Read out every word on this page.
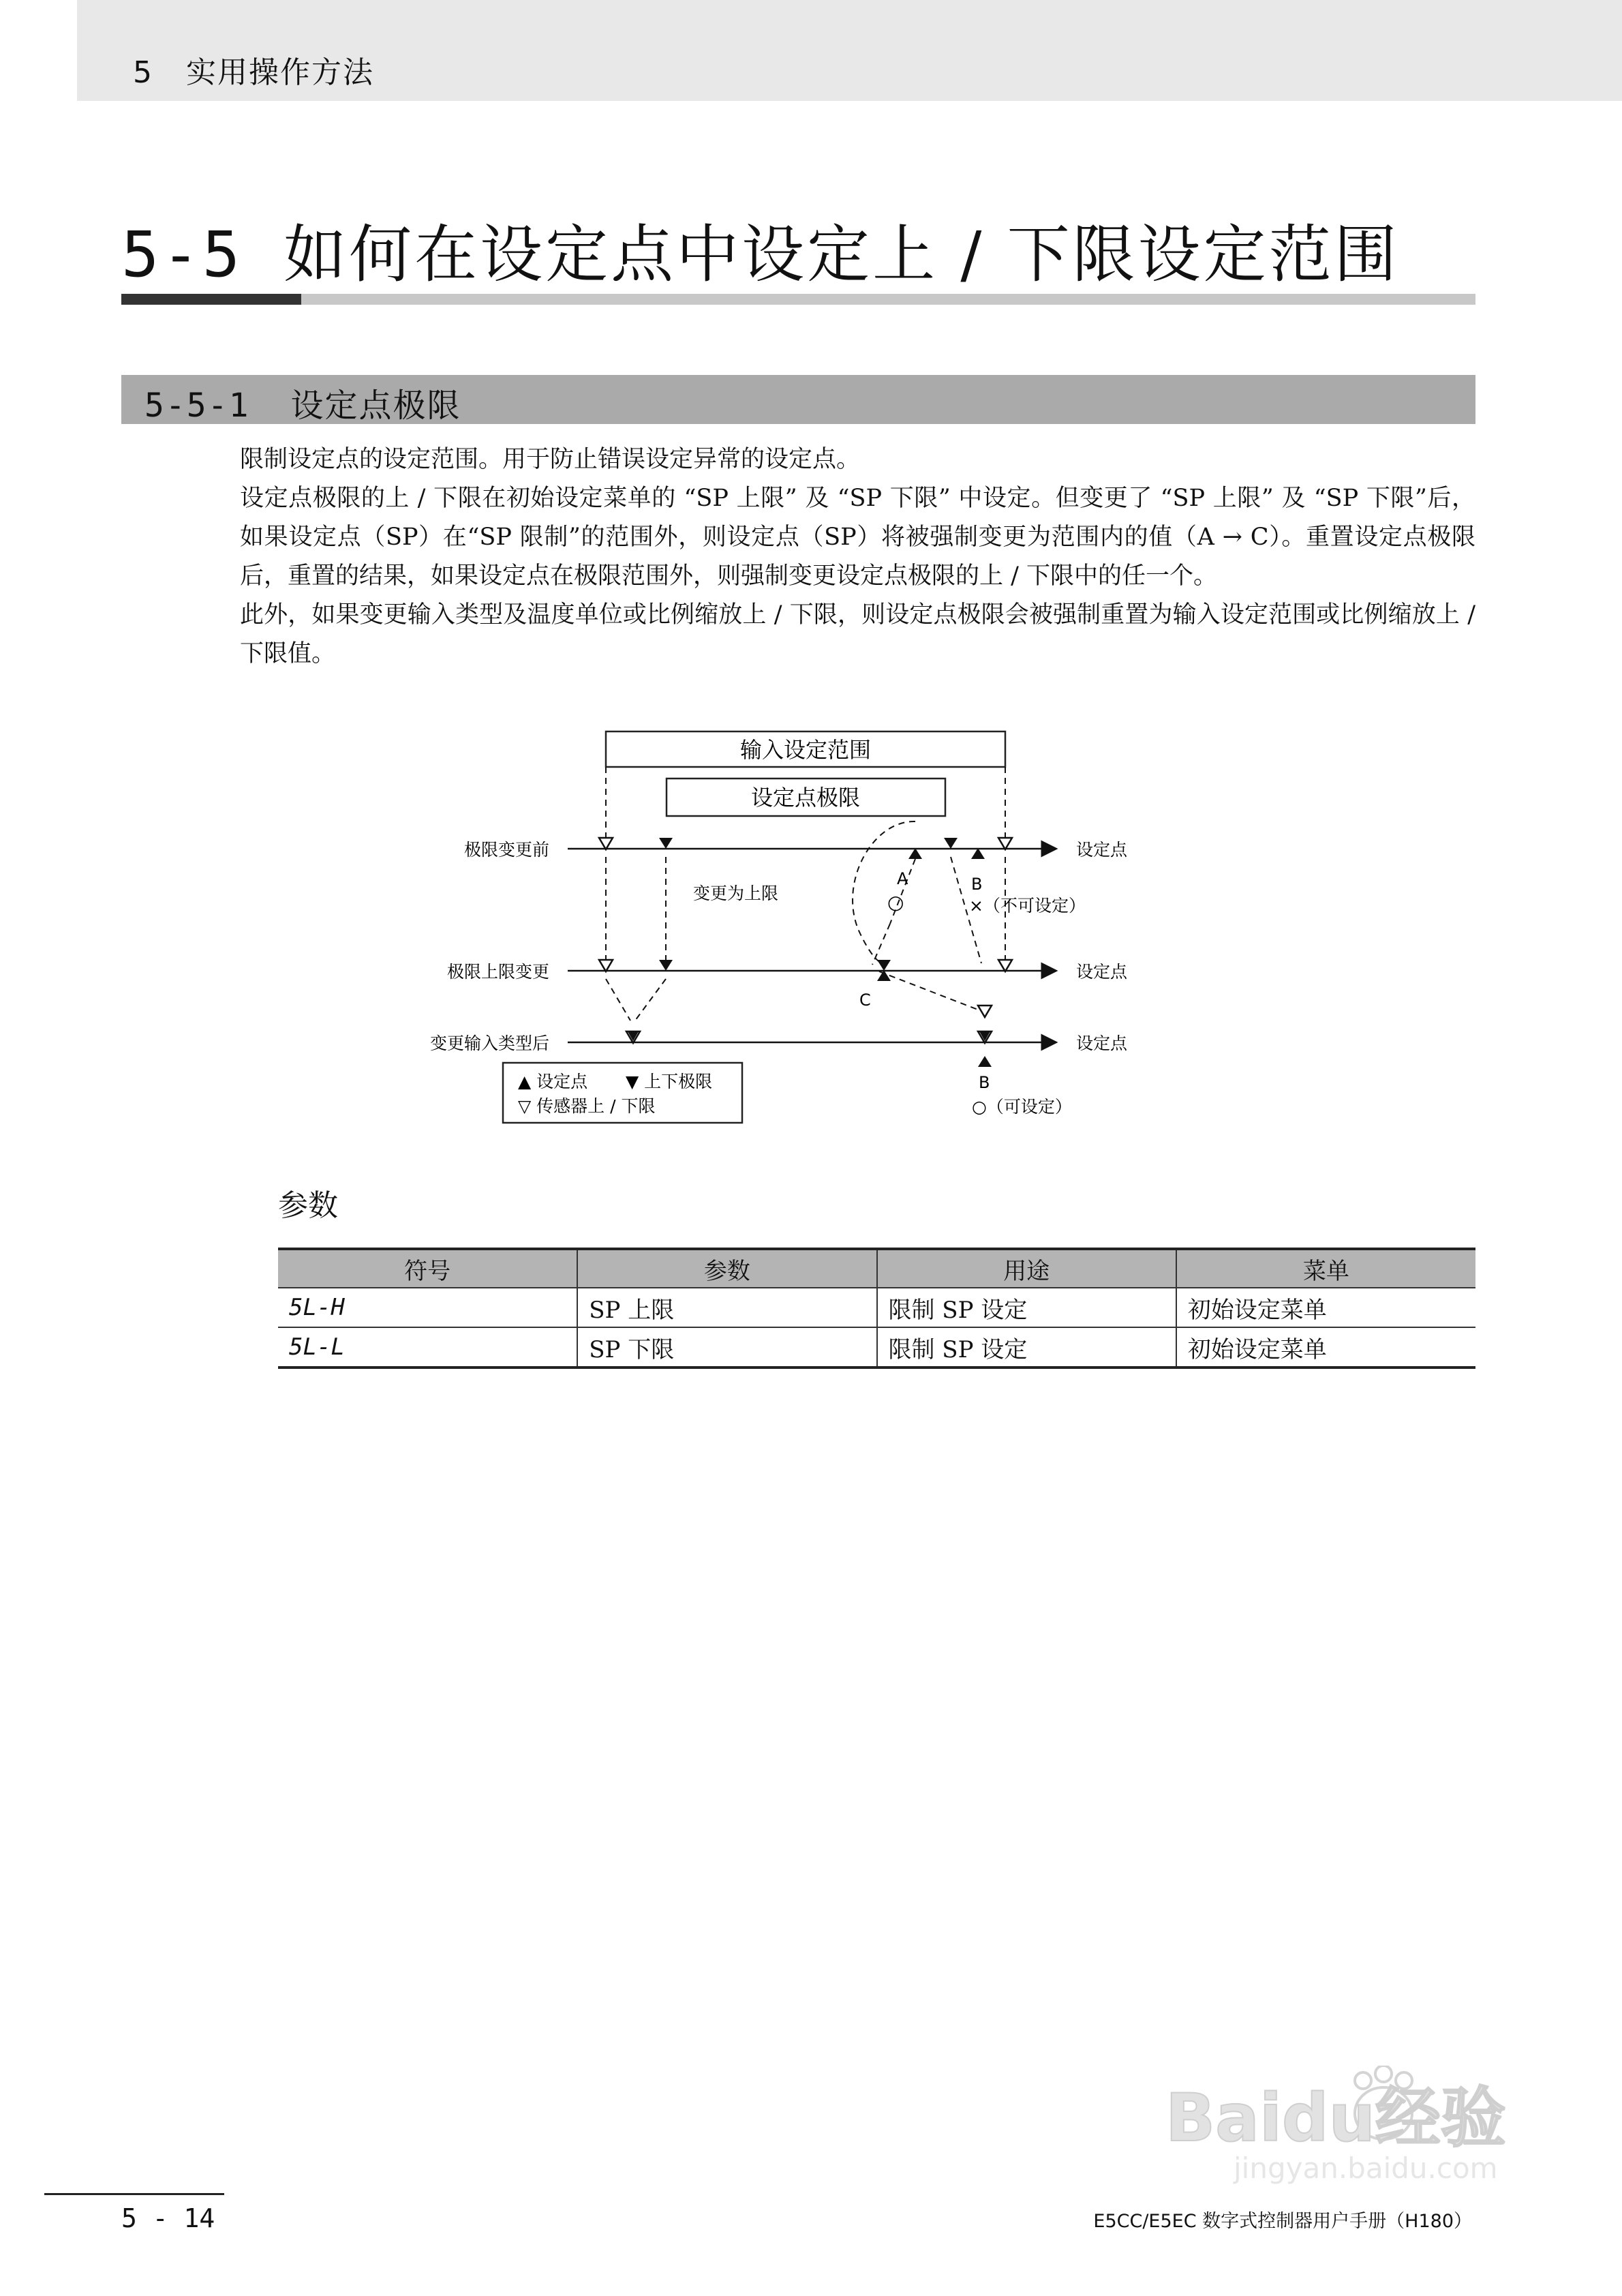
5 实用操作方法
5-5 如何在设定点中设定上 / 下限设定范围
5-5-1 设定点极限

限制设定点的设定范围。用于防止错误设定异常的设定点。

设定点极限的上 / 下限在初始设定菜单的 “SP 上限” 及 “SP 下限” 中设定。但变更了 “SP 上限” 及 “SP 下限”后，如果设定点（SP）在“SP 限制”的范围外，则设定点（SP）将被强制变更为范围内的值（A → C）。重置设定点极限后，重置的结果，如果设定点在极限范围外，则强制变更设定点极限的上 / 下限中的任一个。

此外，如果变更输入类型及温度单位或比例缩放上 / 下限，则设定点极限会被强制重置为输入设定范围或比例缩放上 / 下限值。

输入设定范围
设定点极限
极限变更前
极限上限变更
变更输入类型后
设定点
设定点
设定点
变更为上限
A
○
B
×（不可设定）
C
B
○（可设定）
▲ 设定点 ▼ 上下极限
▽ 传感器上 / 下限
参数
符号	参数	用途	菜单
5L-H	SP 上限	限制 SP 设定	初始设定菜单
5L-L	SP 下限	限制 SP 设定	初始设定菜单
Baidu经验
jingyan.baidu.com
5 - 14	E5CC/E5EC 数字式控制器用户手册（H180）
